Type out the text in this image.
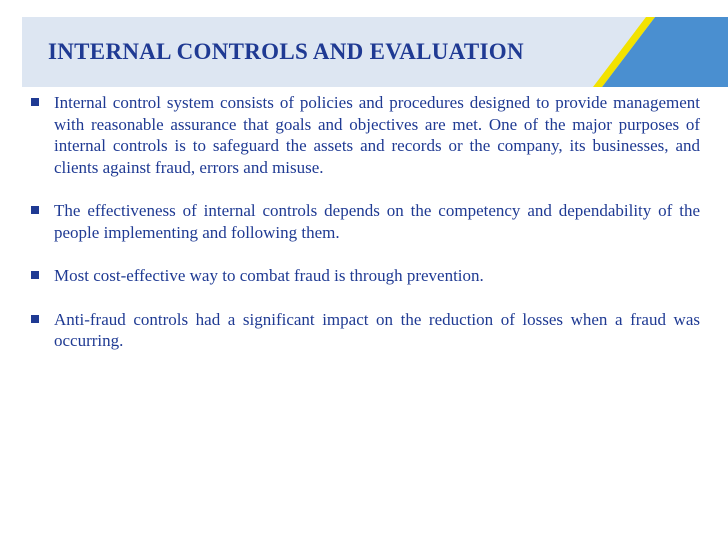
INTERNAL CONTROLS AND EVALUATION
Internal control system consists of policies and procedures designed to provide management with reasonable assurance that goals and objectives are met. One of the major purposes of internal controls is to safeguard the assets and records or the company, its businesses, and clients against fraud, errors and misuse.
The effectiveness of internal controls depends on the competency and dependability of the people implementing and following them.
Most cost-effective way to combat fraud is through prevention.
Anti-fraud controls had a significant impact on the reduction of losses when a fraud was occurring.
